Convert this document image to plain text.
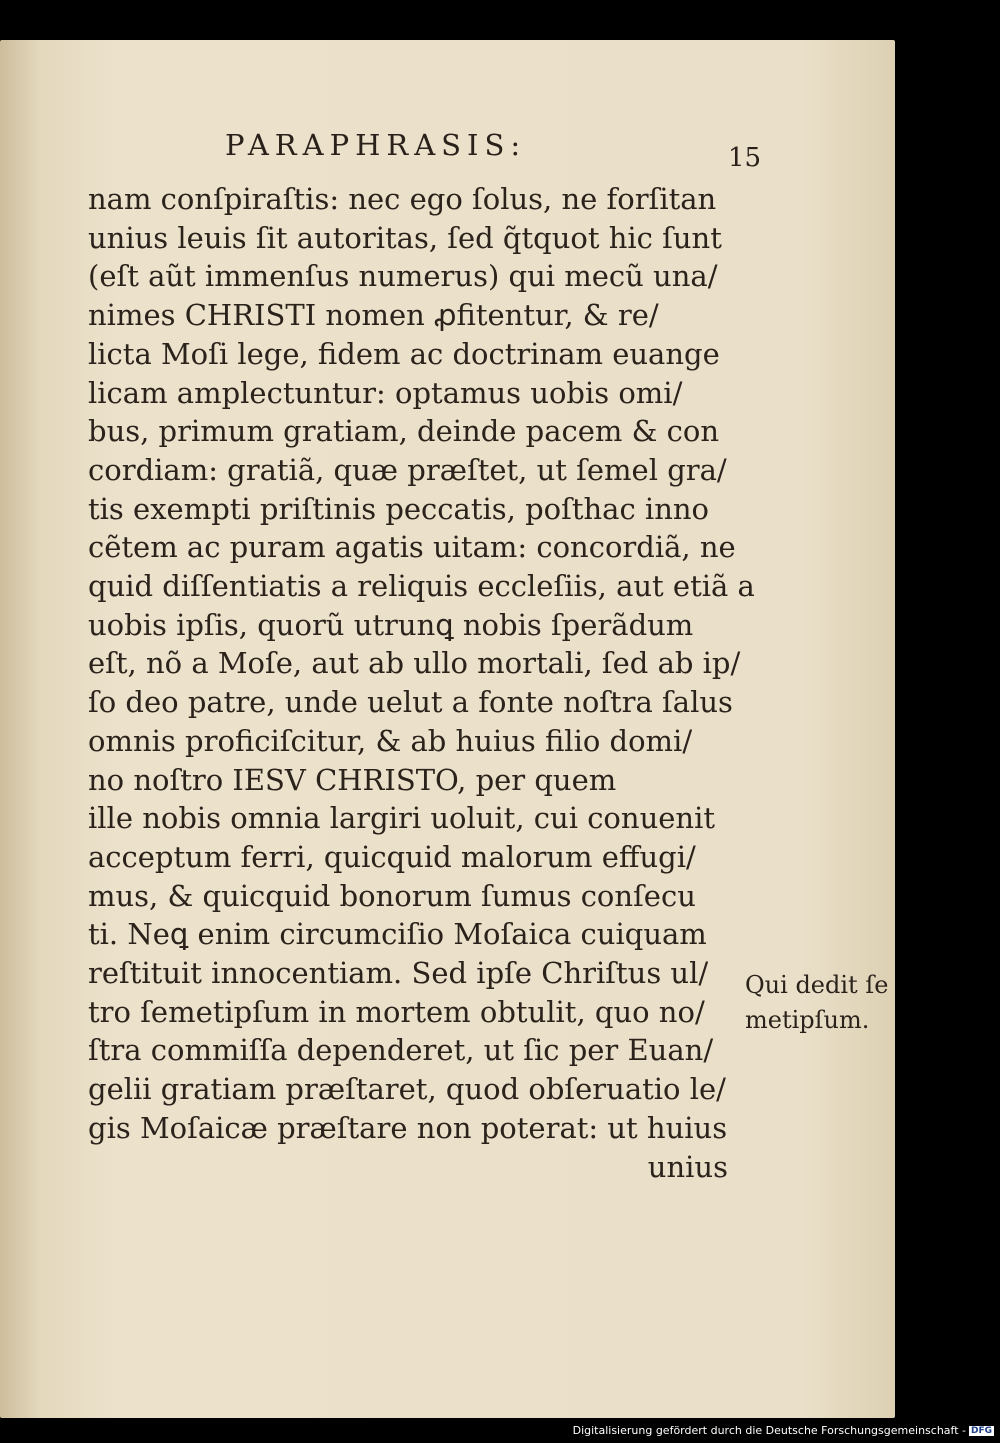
PARAPHRASIS:	15
nam conſpiraſtis: nec ego ſolus, ne forſitan
unius leuis ſit autoritas, ſed q̃tquot hic ſunt
(eſt aũt immenſus numerus) qui mecũ una/
nimes CHRISTI nomen ꝓfitentur, & re/
licta Moſi lege, fidem ac doctrinam euange
licam amplectuntur: optamus uobis omi/
bus, primum gratiam, deinde pacem & con
cordiam: gratiã, quæ præſtet, ut ſemel gra/
tis exempti priſtinis peccatis, poſthac inno
cẽtem ac puram agatis uitam: concordiã, ne
quid diſſentiatis a reliquis eccleſiis, aut etiã a
uobis ipſis, quorũ utrunꝗ nobis ſperãdum
eſt, nõ a Moſe, aut ab ullo mortali, ſed ab ip/
ſo deo patre, unde uelut a fonte noſtra ſalus
omnis proficiſcitur, & ab huius filio domi/
no noſtro IESV CHRISTO, per quem
ille nobis omnia largiri uoluit, cui conuenit
acceptum ferri, quicquid malorum effugi/
mus, & quicquid bonorum ſumus conſecu
ti. Neꝗ enim circumciſio Moſaica cuiquam
reſtituit innocentiam. Sed ipſe Chriſtus ul/
tro ſemetipſum in mortem obtulit, quo no/
ſtra commiſſa dependeret, ut ſic per Euan/
gelii gratiam præſtaret, quod obſeruatio le/
gis Moſaicæ præſtare non poterat: ut huius
unius
Qui dedit ſe
metipſum.
Digitalisierung gefördert durch die Deutsche Forschungsgemeinschaft - DFG
